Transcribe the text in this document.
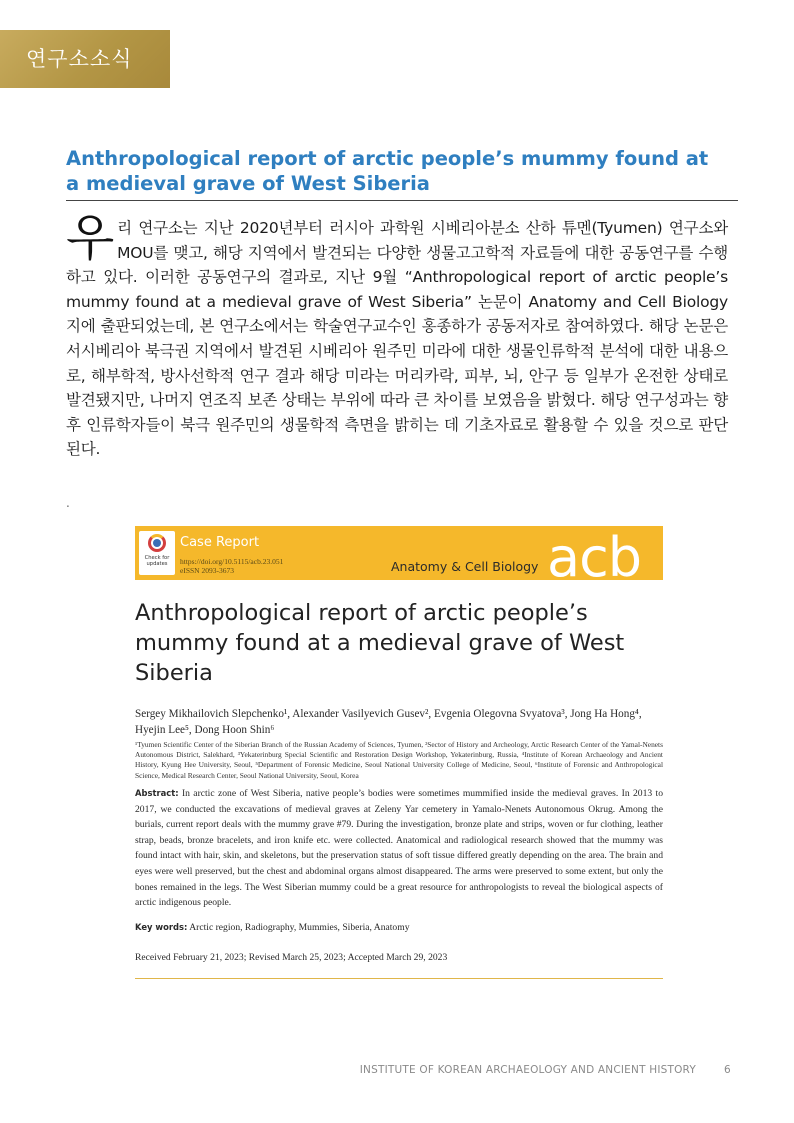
연구소소식
Anthropological report of arctic people’s mummy found at a medieval grave of West Siberia
우리 연구소는 지난 2020년부터 러시아 과학원 시베리아분소 산하 튜멘(Tyumen) 연구소와 MOU를 맺고, 해당 지역에서 발견되는 다양한 생물고고학적 자료들에 대한 공동연구를 수행하고 있다. 이러한 공동연구의 결과로, 지난 9월 “Anthropological report of arctic people’s mummy found at a medieval grave of West Siberia” 논문이 Anatomy and Cell Biology 지에 출판되었는데, 본 연구소에서는 학술연구교수인 홍종하가 공동저자로 참여하였다. 해당 논문은 서시베리아 북극권 지역에서 발견된 시베리아 원주민 미라에 대한 생물인류학적 분석에 대한 내용으로, 해부학적, 방사선학적 연구 결과 해당 미라는 머리카락, 피부, 뇌, 안구 등 일부가 온전한 상태로 발견됐지만, 나머지 연조직 보존 상태는 부위에 따라 큰 차이를 보였음을 밝혔다. 해당 연구성과는 향후 인류학자들이 북극 원주민의 생물학적 측면을 밝히는 데 기초자료로 활용할 수 있을 것으로 판단된다.
.
Check for updates
Case Report
https://doi.org/10.5115/acb.23.051
eISSN 2093-3673	Anatomy & Cell Biology acb
Anthropological report of arctic people’s mummy found at a medieval grave of West Siberia
Sergey Mikhailovich Slepchenko¹, Alexander Vasilyevich Gusev², Evgenia Olegovna Svyatova³, Jong Ha Hong⁴, Hyejin Lee⁵, Dong Hoon Shin⁶
¹Tyumen Scientific Center of the Siberian Branch of the Russian Academy of Sciences, Tyumen, ²Sector of History and Archeology, Arctic Research Center of the Yamal-Nenets Autonomous District, Salekhard, ³Yekaterinburg Special Scientific and Restoration Design Workshop, Yekaterinburg, Russia, ⁴Institute of Korean Archaeology and Ancient History, Kyung Hee University, Seoul, ⁵Department of Forensic Medicine, Seoul National University College of Medicine, Seoul, ⁶Institute of Forensic and Anthropological Science, Medical Research Center, Seoul National University, Seoul, Korea
Abstract: In arctic zone of West Siberia, native people’s bodies were sometimes mummified inside the medieval graves. In 2013 to 2017, we conducted the excavations of medieval graves at Zeleny Yar cemetery in Yamalo-Nenets Autonomous Okrug. Among the burials, current report deals with the mummy grave #79. During the investigation, bronze plate and strips, woven or fur clothing, leather strap, beads, bronze bracelets, and iron knife etc. were collected. Anatomical and radiological research showed that the mummy was found intact with hair, skin, and skeletons, but the preservation status of soft tissue differed greatly depending on the area. The brain and eyes were well preserved, but the chest and abdominal organs almost disappeared. The arms were preserved to some extent, but only the bones remained in the legs. The West Siberian mummy could be a great resource for anthropologists to reveal the biological aspects of arctic indigenous people.
Key words: Arctic region, Radiography, Mummies, Siberia, Anatomy
Received February 21, 2023; Revised March 25, 2023; Accepted March 29, 2023
INSTITUTE OF KOREAN ARCHAEOLOGY AND ANCIENT HISTORY	6
